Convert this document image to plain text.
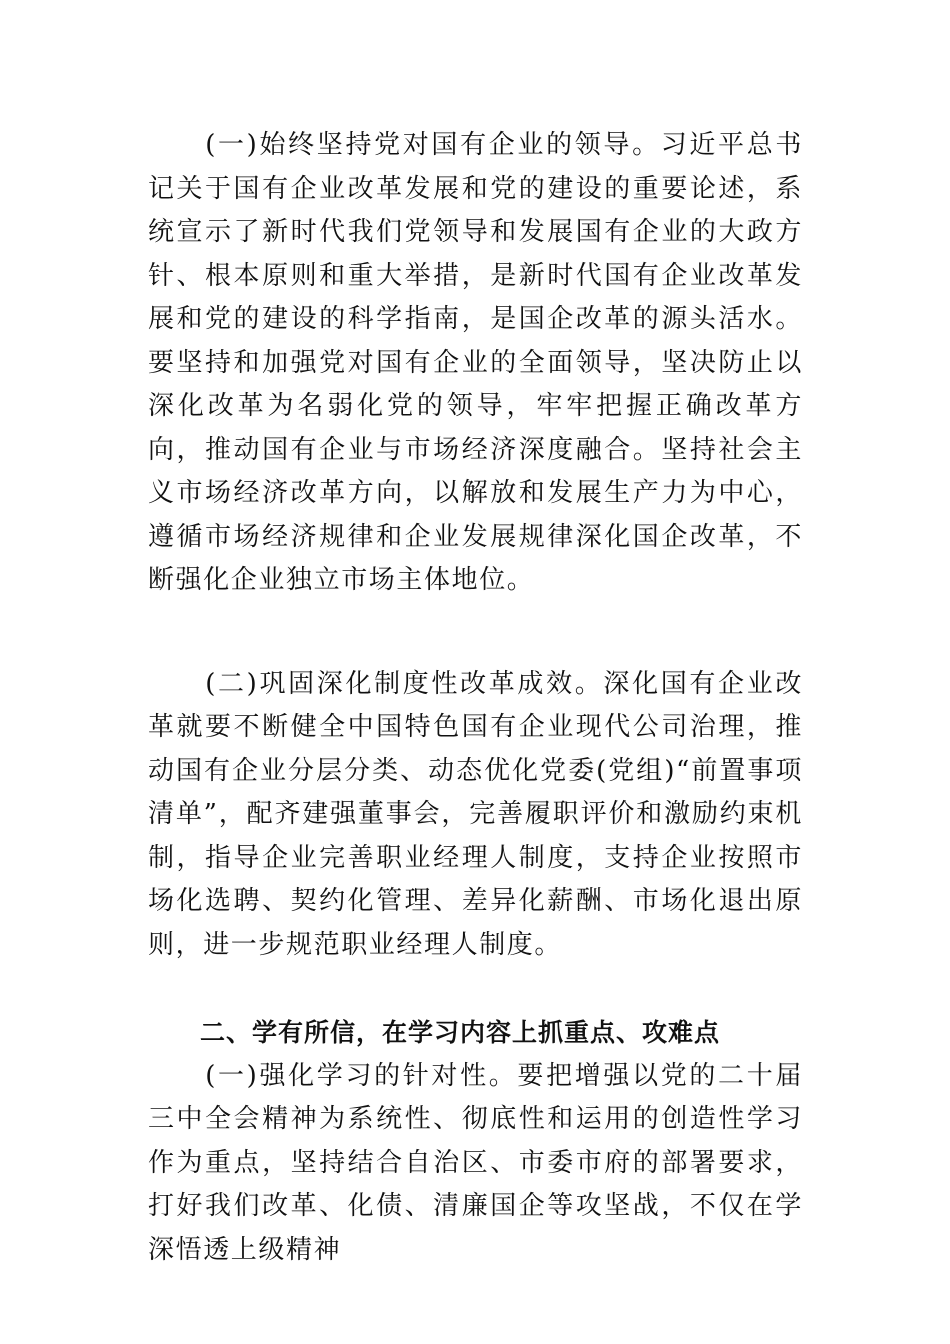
(一)始终坚持党对国有企业的领导。习近平总书记关于国有企业改革发展和党的建设的重要论述，系统宣示了新时代我们党领导和发展国有企业的大政方针、根本原则和重大举措，是新时代国有企业改革发展和党的建设的科学指南，是国企改革的源头活水。要坚持和加强党对国有企业的全面领导，坚决防止以深化改革为名弱化党的领导，牢牢把握正确改革方向，推动国有企业与市场经济深度融合。坚持社会主义市场经济改革方向，以解放和发展生产力为中心，遵循市场经济规律和企业发展规律深化国企改革，不断强化企业独立市场主体地位。

(二)巩固深化制度性改革成效。深化国有企业改革就要不断健全中国特色国有企业现代公司治理，推动国有企业分层分类、动态优化党委(党组)“前置事项清单”，配齐建强董事会，完善履职评价和激励约束机制，指导企业完善职业经理人制度，支持企业按照市场化选聘、契约化管理、差异化薪酬、市场化退出原则，进一步规范职业经理人制度。

二、学有所信，在学习内容上抓重点、攻难点

(一)强化学习的针对性。要把增强以党的二十届三中全会精神为系统性、彻底性和运用的创造性学习作为重点，坚持结合自治区、市委市府的部署要求，打好我们改革、化债、清廉国企等攻坚战，不仅在学深悟透上级精神
